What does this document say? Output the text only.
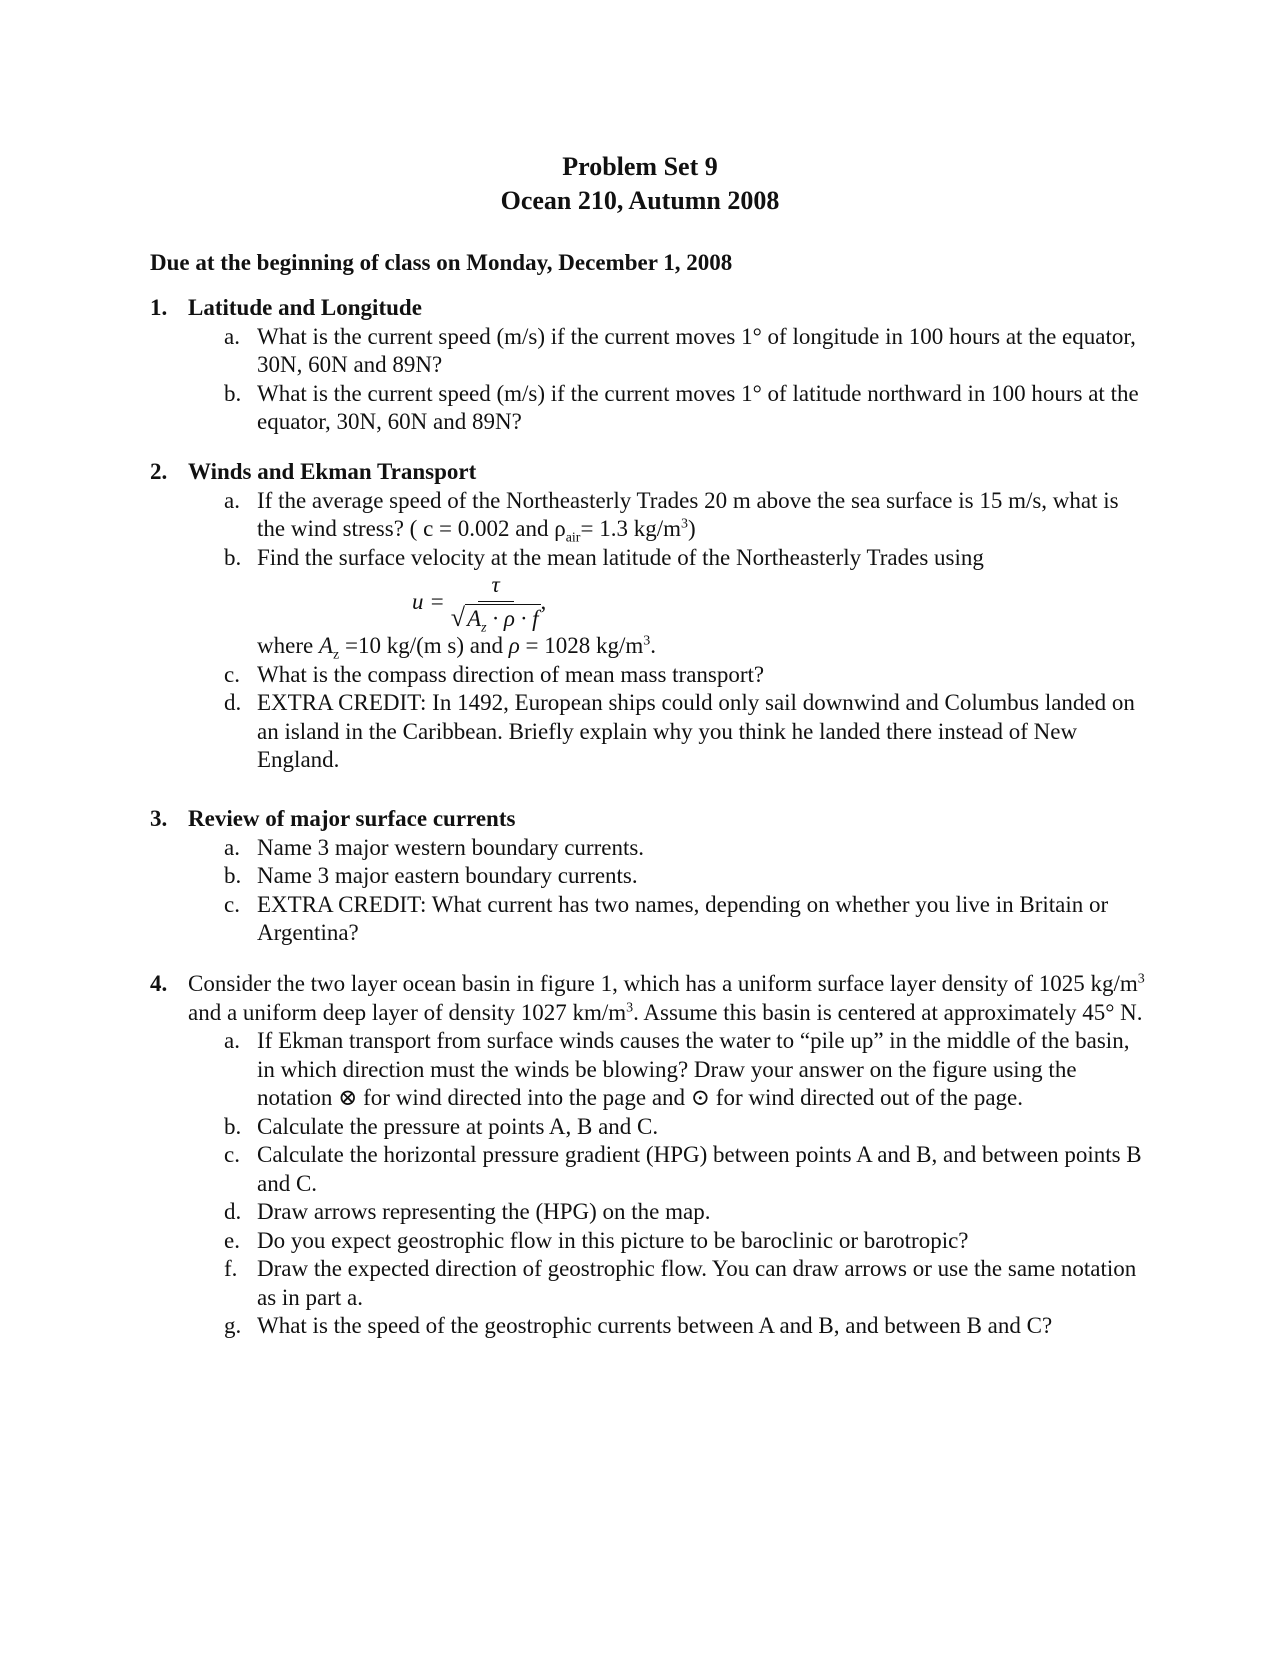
Problem Set 9
Ocean 210, Autumn 2008
Due at the beginning of class on Monday, December 1, 2008
1. Latitude and Longitude
a. What is the current speed (m/s) if the current moves 1° of longitude in 100 hours at the equator, 30N, 60N and 89N?
b. What is the current speed (m/s) if the current moves 1° of latitude northward in 100 hours at the equator, 30N, 60N and 89N?
2. Winds and Ekman Transport
a. If the average speed of the Northeasterly Trades 20 m above the sea surface is 15 m/s, what is the wind stress? ( c = 0.002 and $\rho_{air}= 1.3$ $kg/m^3$)
b. Find the surface velocity at the mean latitude of the Northeasterly Trades using
$u = \frac{\tau}{√ A_z \cdot \rho \cdot f}$ ,
where $A_z =10$ kg/(m s) and ρ = 1028 $kg/m^3$.
c. What is the compass direction of mean mass transport?
d. EXTRA CREDIT: In 1492, European ships could only sail downwind and Columbus landed on an island in the Caribbean. Briefly explain why you think he landed there instead of New England.
3. Review of major surface currents
a. Name 3 major western boundary currents.
b. Name 3 major eastern boundary currents.
c. EXTRA CREDIT: What current has two names, depending on whether you live in Britain or Argentina?
4. Consider the two layer ocean basin in figure 1, which has a uniform surface layer density of 1025 $kg/m^3$ and a uniform deep layer of density 1027 $km/m^3$. Assume this basin is centered at approximately 45° N.
a. If Ekman transport from surface winds causes the water to “pile up” in the middle of the basin, in which direction must the winds be blowing? Draw your answer on the figure using the notation ⊗ for wind directed into the page and ⊙ for wind directed out of the page.
b. Calculate the pressure at points A, B and C.
c. Calculate the horizontal pressure gradient (HPG) between points A and B, and between points B and C.
d. Draw arrows representing the (HPG) on the map.
e. Do you expect geostrophic flow in this picture to be baroclinic or barotropic?
f. Draw the expected direction of geostrophic flow. You can draw arrows or use the same notation as in part a.
g. What is the speed of the geostrophic currents between A and B, and between B and C?
